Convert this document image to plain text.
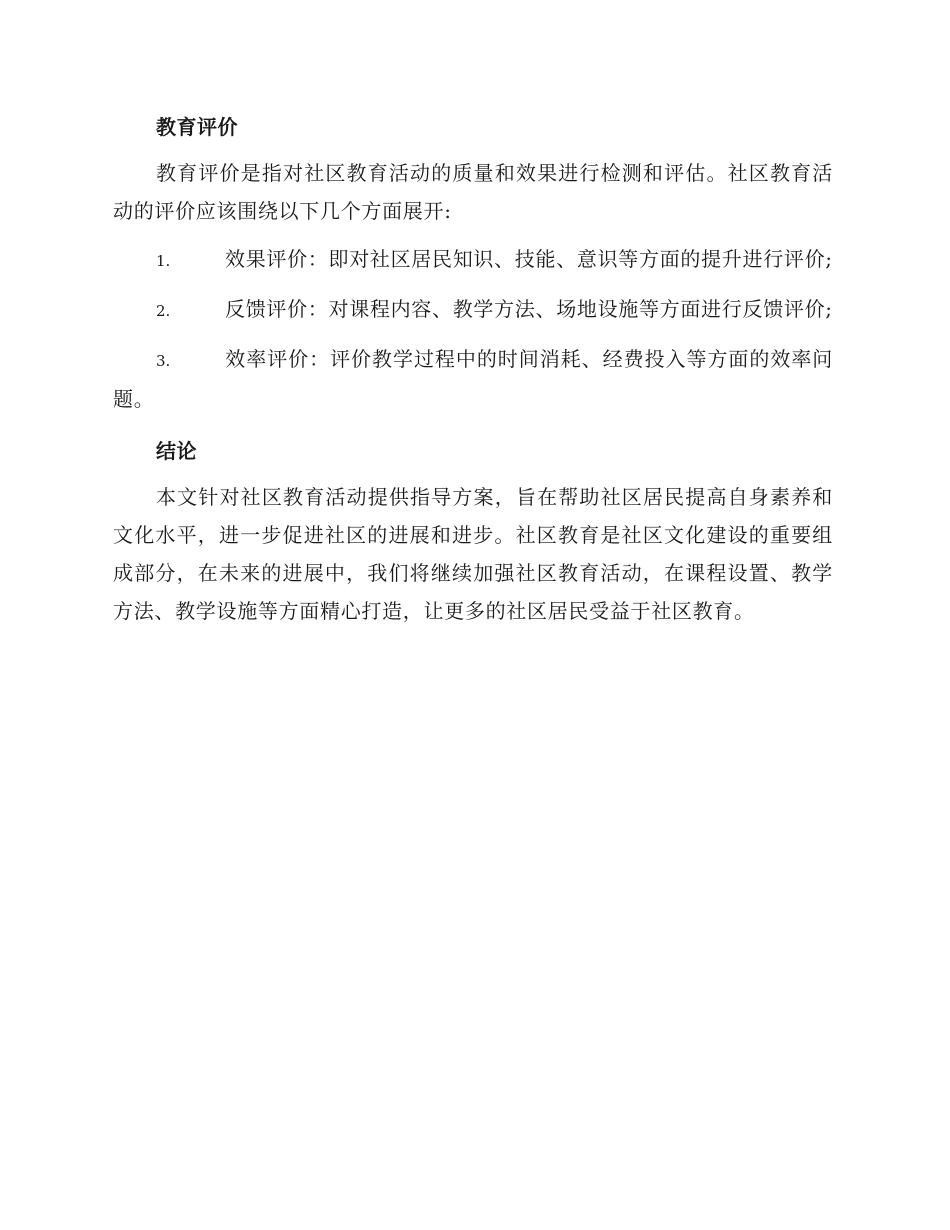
教育评价

教育评价是指对社区教育活动的质量和效果进行检测和评估。社区教育活动的评价应该围绕以下几个方面展开:

1.	效果评价：即对社区居民知识、技能、意识等方面的提升进行评价;
2.	反馈评价：对课程内容、教学方法、场地设施等方面进行反馈评价;
3.	效率评价：评价教学过程中的时间消耗、经费投入等方面的效率问题。
结论

本文针对社区教育活动提供指导方案，旨在帮助社区居民提高自身素养和文化水平，进一步促进社区的进展和进步。社区教育是社区文化建设的重要组成部分，在未来的进展中，我们将继续加强社区教育活动，在课程设置、教学方法、教学设施等方面精心打造，让更多的社区居民受益于社区教育。
